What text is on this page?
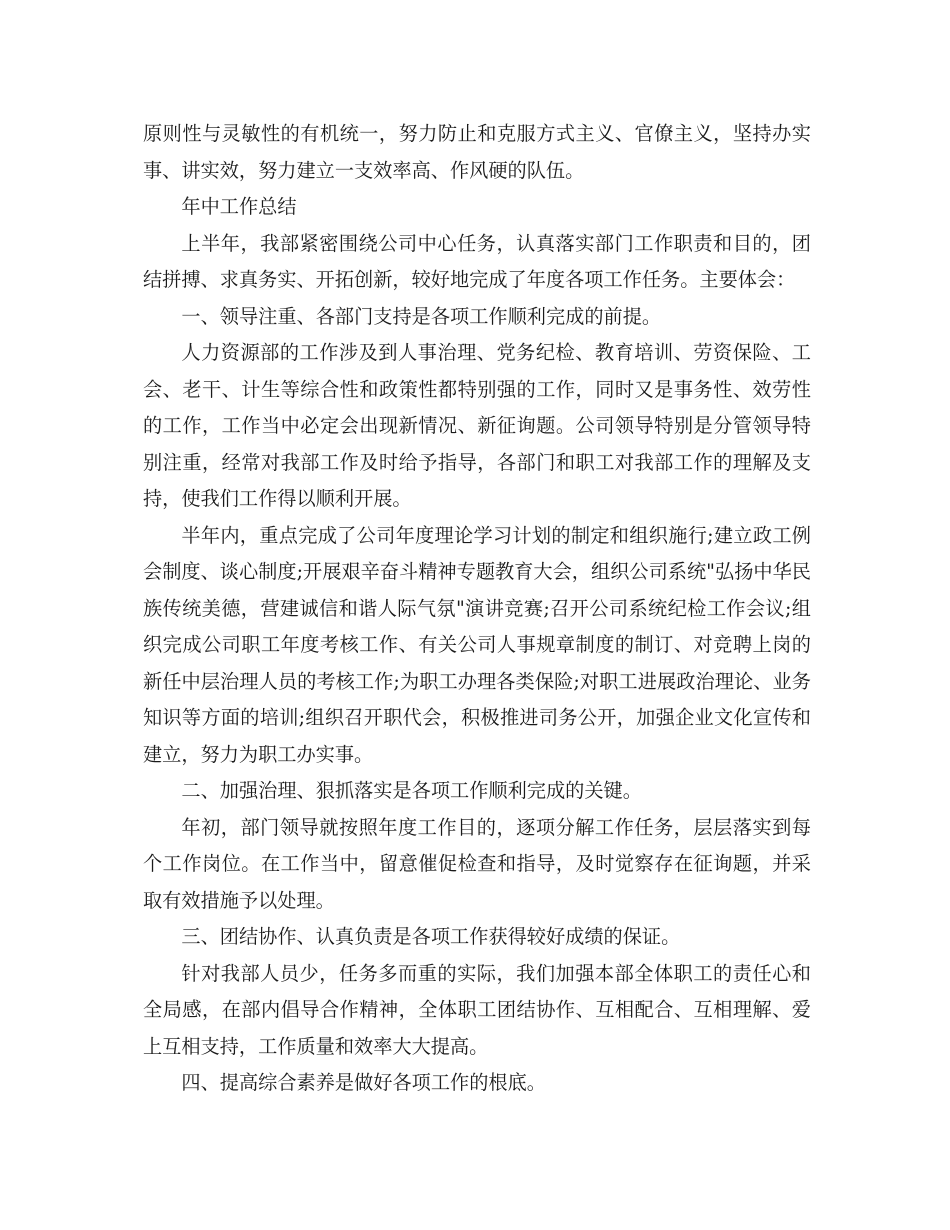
原则性与灵敏性的有机统一，努力防止和克服方式主义、官僚主义，坚持办实事、讲实效，努力建立一支效率高、作风硬的队伍。

年中工作总结

上半年，我部紧密围绕公司中心任务，认真落实部门工作职责和目的，团结拼搏、求真务实、开拓创新，较好地完成了年度各项工作任务。主要体会：

一、领导注重、各部门支持是各项工作顺利完成的前提。

人力资源部的工作涉及到人事治理、党务纪检、教育培训、劳资保险、工会、老干、计生等综合性和政策性都特别强的工作，同时又是事务性、效劳性的工作，工作当中必定会出现新情况、新征询题。公司领导特别是分管领导特别注重，经常对我部工作及时给予指导，各部门和职工对我部工作的理解及支持，使我们工作得以顺利开展。

半年内，重点完成了公司年度理论学习计划的制定和组织施行;建立政工例会制度、谈心制度;开展艰辛奋斗精神专题教育大会，组织公司系统"弘扬中华民族传统美德，营建诚信和谐人际气氛"演讲竞赛;召开公司系统纪检工作会议;组织完成公司职工年度考核工作、有关公司人事规章制度的制订、对竞聘上岗的新任中层治理人员的考核工作;为职工办理各类保险;对职工进展政治理论、业务知识等方面的培训;组织召开职代会，积极推进司务公开，加强企业文化宣传和建立，努力为职工办实事。

二、加强治理、狠抓落实是各项工作顺利完成的关键。

年初，部门领导就按照年度工作目的，逐项分解工作任务，层层落实到每个工作岗位。在工作当中，留意催促检查和指导，及时觉察存在征询题，并采取有效措施予以处理。

三、团结协作、认真负责是各项工作获得较好成绩的保证。

针对我部人员少，任务多而重的实际，我们加强本部全体职工的责任心和全局感，在部内倡导合作精神，全体职工团结协作、互相配合、互相理解、爱上互相支持，工作质量和效率大大提高。

四、提高综合素养是做好各项工作的根底。
